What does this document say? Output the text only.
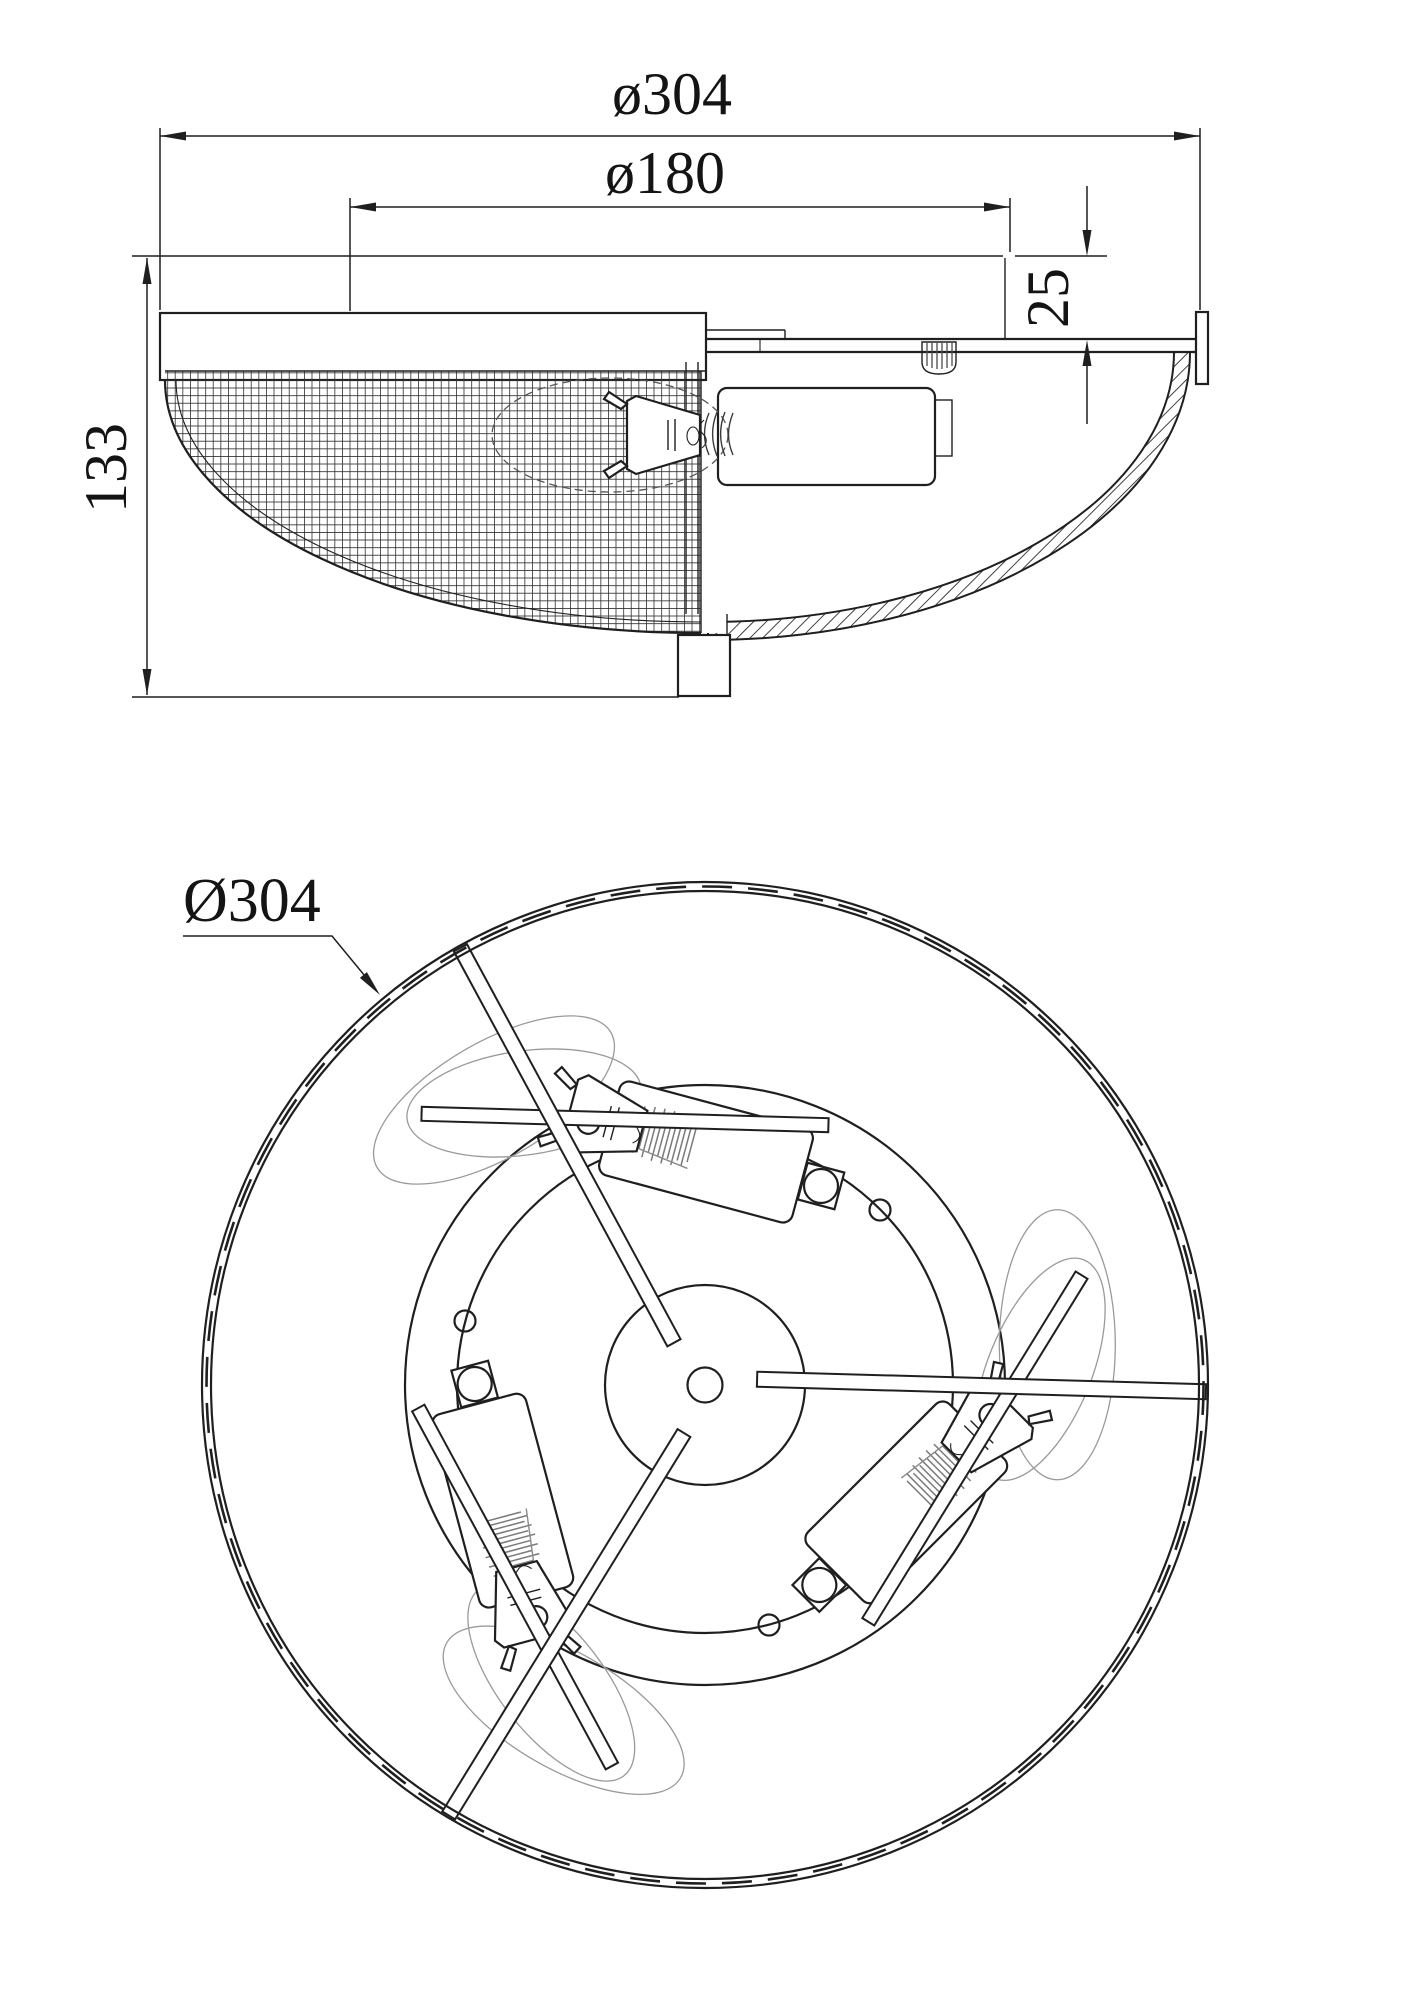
ø304
ø180
133
25
Ø304
